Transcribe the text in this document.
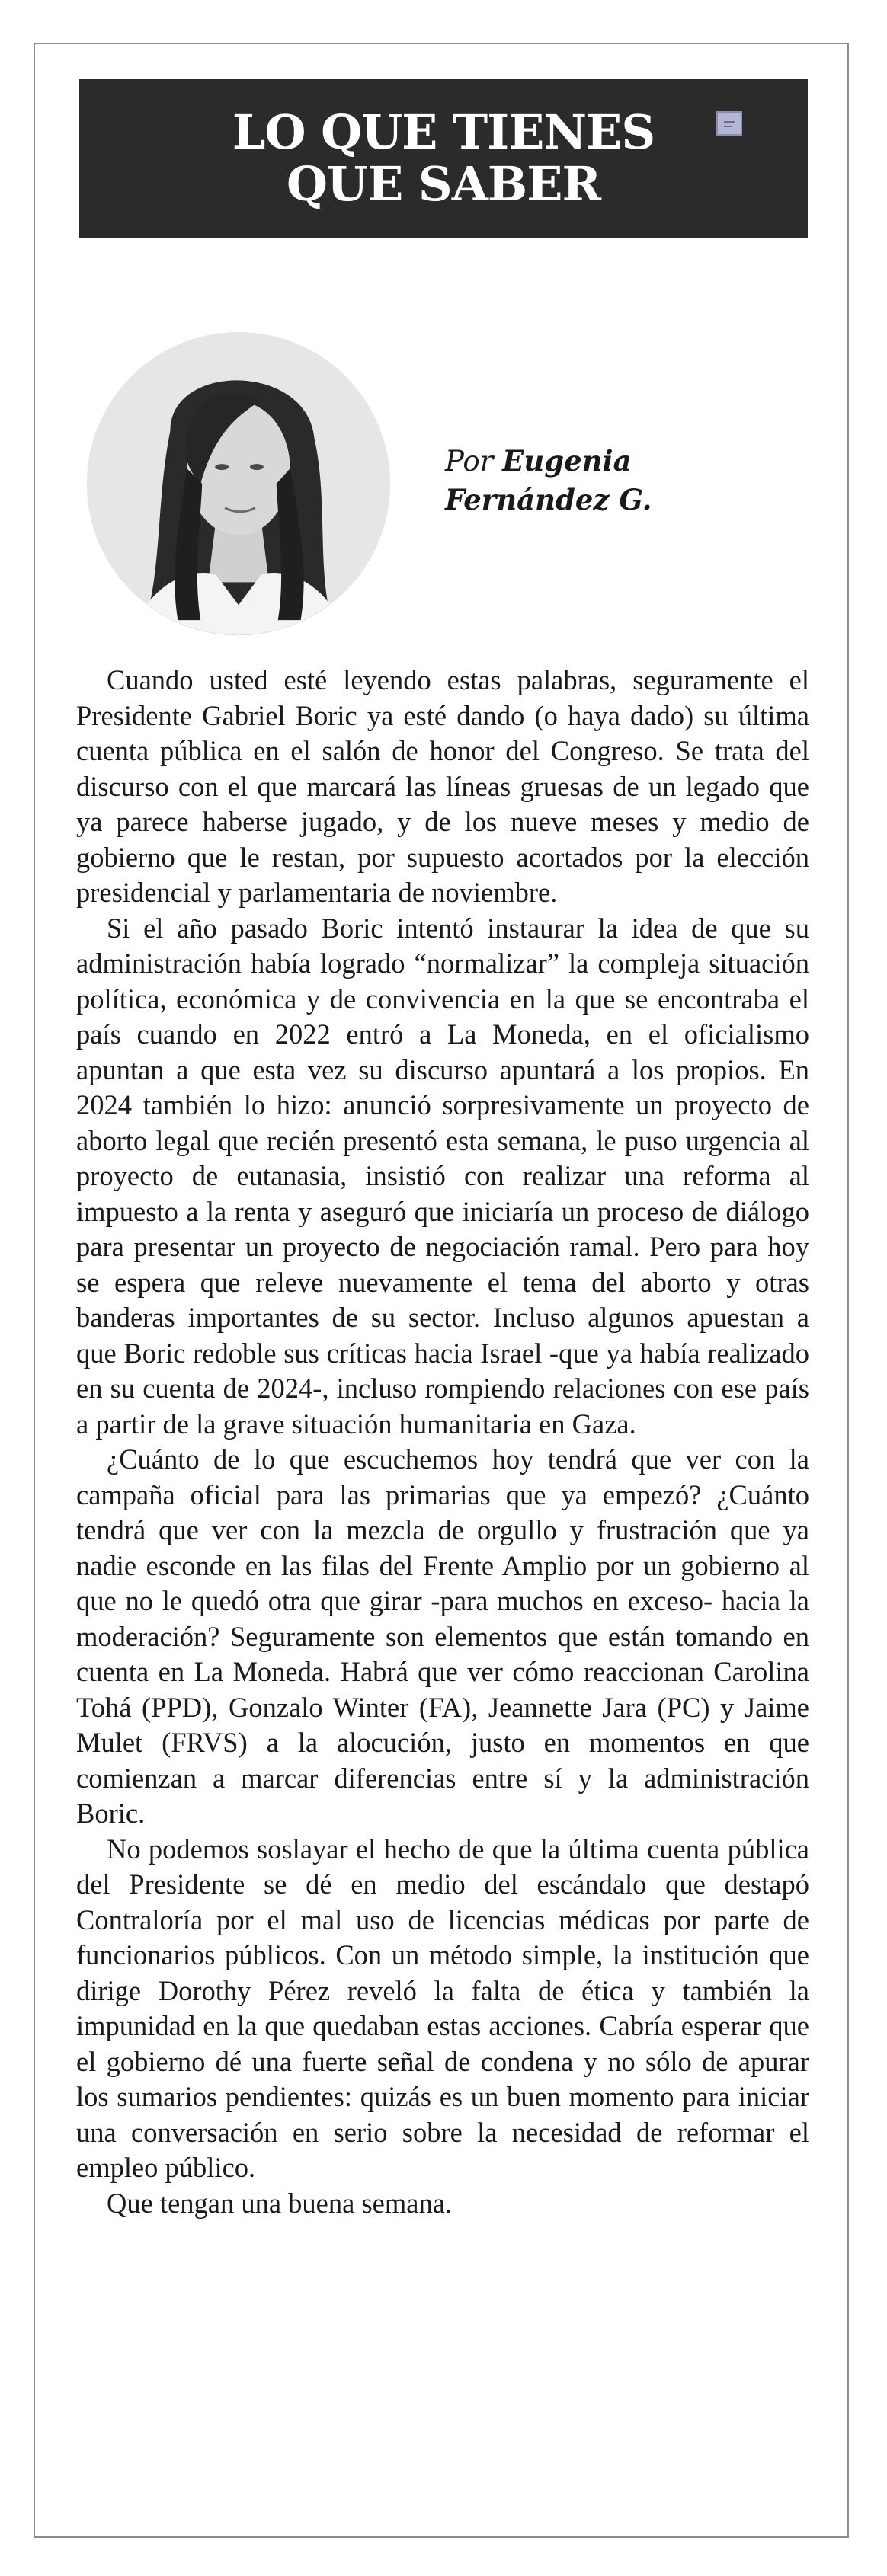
LO QUE TIENES
QUE SABER
Por Eugenia
Fernández G.

Cuando usted esté leyendo estas palabras, seguramente el Presidente Gabriel Boric ya esté dando (o haya dado) su última cuenta pública en el salón de honor del Congreso. Se trata del discurso con el que marcará las líneas gruesas de un legado que ya parece haberse jugado, y de los nueve meses y medio de gobierno que le restan, por supuesto acortados por la elección presidencial y parlamentaria de noviembre.

Si el año pasado Boric intentó instaurar la idea de que su administración había logrado “normalizar” la compleja situación política, económica y de convivencia en la que se encontraba el país cuando en 2022 entró a La Moneda, en el oficialismo apuntan a que esta vez su discurso apuntará a los propios. En 2024 también lo hizo: anunció sorpresivamente un proyecto de aborto legal que recién presentó esta semana, le puso urgencia al proyecto de eutanasia, insistió con realizar una reforma al impuesto a la renta y aseguró que iniciaría un proceso de diálogo para presentar un proyecto de negociación ramal. Pero para hoy se espera que releve nuevamente el tema del aborto y otras banderas importantes de su sector. Incluso algunos apuestan a que Boric redoble sus críticas hacia Israel -que ya había realizado en su cuenta de 2024-, incluso rompiendo relaciones con ese país a partir de la grave situación humanitaria en Gaza.

¿Cuánto de lo que escuchemos hoy tendrá que ver con la campaña oficial para las primarias que ya empezó? ¿Cuánto tendrá que ver con la mezcla de orgullo y frustración que ya nadie esconde en las filas del Frente Amplio por un gobierno al que no le quedó otra que girar -para muchos en exceso- hacia la moderación? Seguramente son elementos que están tomando en cuenta en La Moneda. Habrá que ver cómo reaccionan Carolina Tohá (PPD), Gonzalo Winter (FA), Jeannette Jara (PC) y Jaime Mulet (FRVS) a la alocución, justo en momentos en que comienzan a marcar diferencias entre sí y la administración Boric.

No podemos soslayar el hecho de que la última cuenta pública del Presidente se dé en medio del escándalo que destapó Contraloría por el mal uso de licencias médicas por parte de funcionarios públicos. Con un método simple, la institución que dirige Dorothy Pérez reveló la falta de ética y también la impunidad en la que quedaban estas acciones. Cabría esperar que el gobierno dé una fuerte señal de condena y no sólo de apurar los sumarios pendientes: quizás es un buen momento para iniciar una conversación en serio sobre la necesidad de reformar el empleo público.

Que tengan una buena semana.
